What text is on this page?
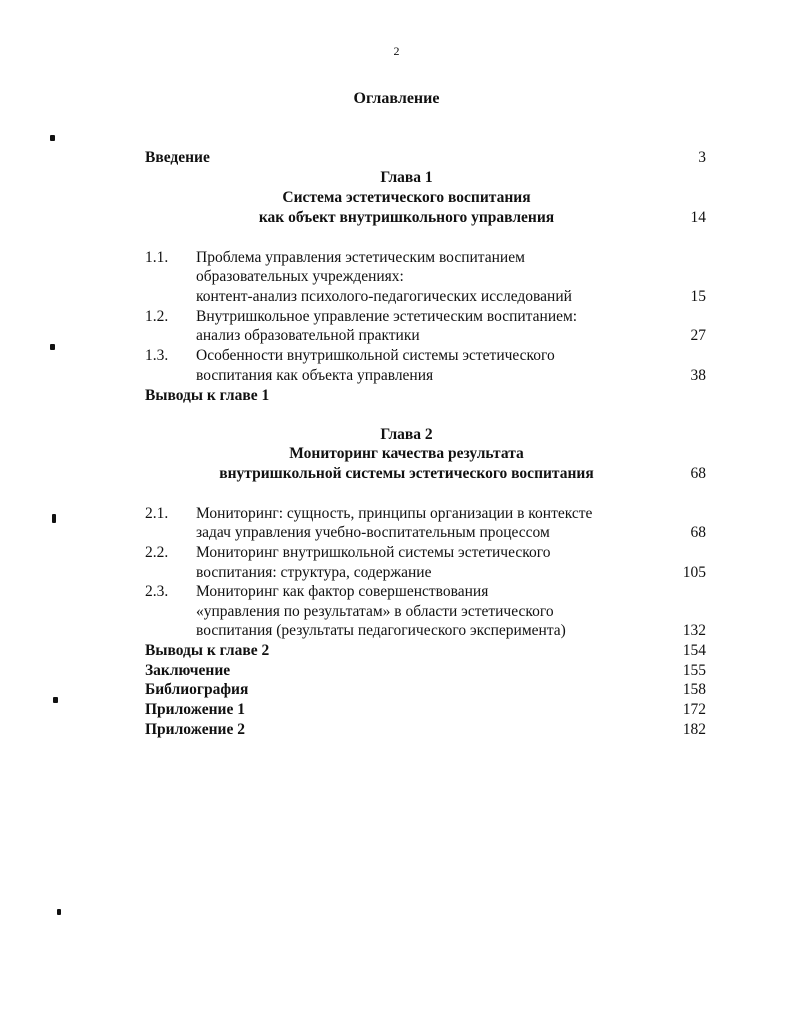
2
Оглавление
Введение	3
Глава 1
Система эстетического воспитания
как объект внутришкольного управления	14
1.1. Проблема управления эстетическим воспитанием
образовательных учреждениях:
контент-анализ психолого-педагогических исследований	15
1.2. Внутришкольное управление эстетическим воспитанием:
анализ образовательной практики	27
1.3. Особенности внутришкольной системы эстетического
воспитания как объекта управления	38
Выводы к главе 1
Глава 2
Мониторинг качества результата
внутришкольной системы эстетического воспитания	68
2.1. Мониторинг: сущность, принципы организации в контексте
задач управления учебно-воспитательным процессом	68
2.2. Мониторинг внутришкольной системы эстетического
воспитания: структура, содержание	105
2.3. Мониторинг как фактор совершенствования
«управления по результатам» в области эстетического
воспитания (результаты педагогического эксперимента)	132
Выводы к главе 2	154
Заключение	155
Библиография	158
Приложение 1	172
Приложение 2	182
